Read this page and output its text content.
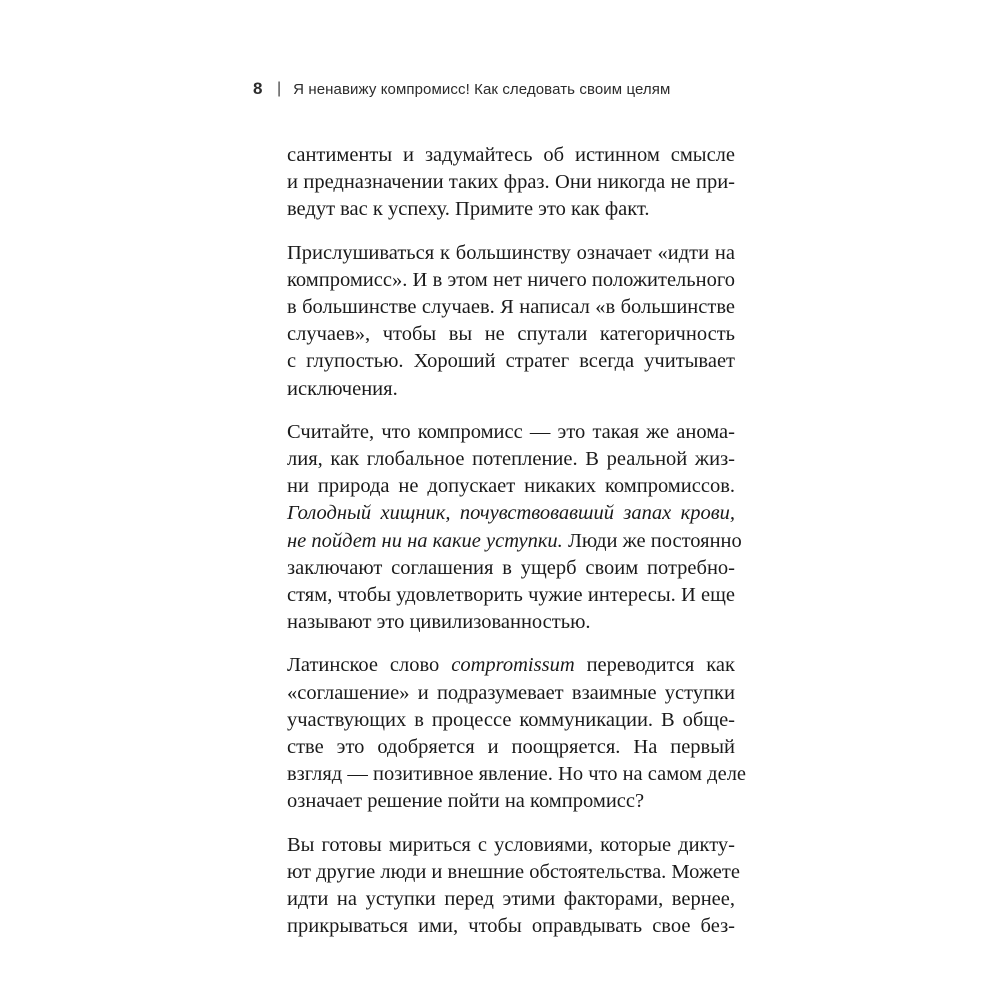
8 | Я ненавижу компромисс! Как следовать своим целям

сантименты и задумайтесь об истинном смысле
и предназначении таких фраз. Они никогда не при-
ведут вас к успеху. Примите это как факт.

Прислушиваться к большинству означает «идти на
компромисс». И в этом нет ничего положительного
в большинстве случаев. Я написал «в большинстве
случаев», чтобы вы не спутали категоричность
с глупостью. Хороший стратег всегда учитывает
исключения.

Считайте, что компромисс — это такая же анома-
лия, как глобальное потепление. В реальной жиз-
ни природа не допускает никаких компромиссов.
Голодный хищник, почувствовавший запах крови,
не пойдет ни на какие уступки. Люди же постоянно
заключают соглашения в ущерб своим потребно-
стям, чтобы удовлетворить чужие интересы. И еще
называют это цивилизованностью.

Латинское слово compromissum переводится как
«соглашение» и подразумевает взаимные уступки
участвующих в процессе коммуникации. В обще-
стве это одобряется и поощряется. На первый
взгляд — позитивное явление. Но что на самом деле
означает решение пойти на компромисс?

Вы готовы мириться с условиями, которые дикту-
ют другие люди и внешние обстоятельства. Можете
идти на уступки перед этими факторами, вернее,
прикрываться ими, чтобы оправдывать свое без-
